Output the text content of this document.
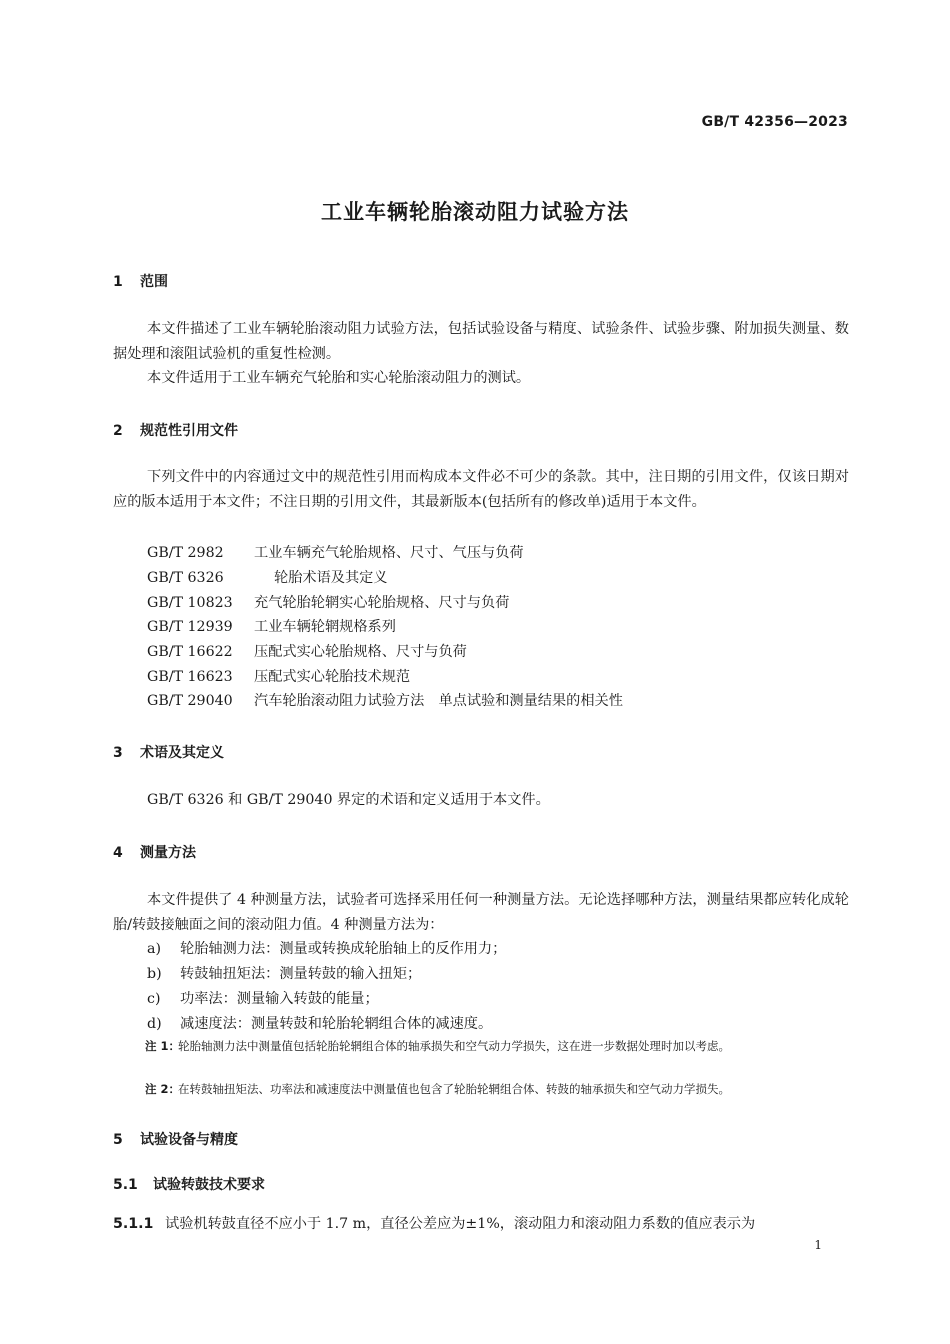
GB/T 42356—2023
工业车辆轮胎滚动阻力试验方法
1 范围
本文件描述了工业车辆轮胎滚动阻力试验方法，包括试验设备与精度、试验条件、试验步骤、附加损失测量、数据处理和滚阻试验机的重复性检测。
本文件适用于工业车辆充气轮胎和实心轮胎滚动阻力的测试。
2 规范性引用文件
下列文件中的内容通过文中的规范性引用而构成本文件必不可少的条款。其中，注日期的引用文件，仅该日期对应的版本适用于本文件；不注日期的引用文件，其最新版本(包括所有的修改单)适用于本文件。
GB/T 2982 工业车辆充气轮胎规格、尺寸、气压与负荷
GB/T 6326	轮胎术语及其定义
GB/T 10823 充气轮胎轮辋实心轮胎规格、尺寸与负荷
GB/T 12939 工业车辆轮辋规格系列
GB/T 16622 压配式实心轮胎规格、尺寸与负荷
GB/T 16623 压配式实心轮胎技术规范
GB/T 29040 汽车轮胎滚动阻力试验方法　单点试验和测量结果的相关性
3 术语及其定义
GB/T 6326 和 GB/T 29040 界定的术语和定义适用于本文件。
4 测量方法
本文件提供了 4 种测量方法，试验者可选择采用任何一种测量方法。无论选择哪种方法，测量结果都应转化成轮胎/转鼓接触面之间的滚动阻力值。4 种测量方法为：
a) 轮胎轴测力法：测量或转换成轮胎轴上的反作用力；
b) 转鼓轴扭矩法：测量转鼓的输入扭矩；
c) 功率法：测量输入转鼓的能量；
d) 减速度法：测量转鼓和轮胎轮辋组合体的减速度。
注 1：
轮胎轴测力法中测量值包括轮胎轮辋组合体的轴承损失和空气动力学损失，这在进一步数据处理时加以考虑。
注 2：
在转鼓轴扭矩法、功率法和减速度法中测量值也包含了轮胎轮辋组合体、转鼓的轴承损失和空气动力学损失。
5 试验设备与精度
5.1 试验转鼓技术要求
5.1.1 试验机转鼓直径不应小于 1.7 m，直径公差应为±1%，滚动阻力和滚动阻力系数的值应表示为
1
